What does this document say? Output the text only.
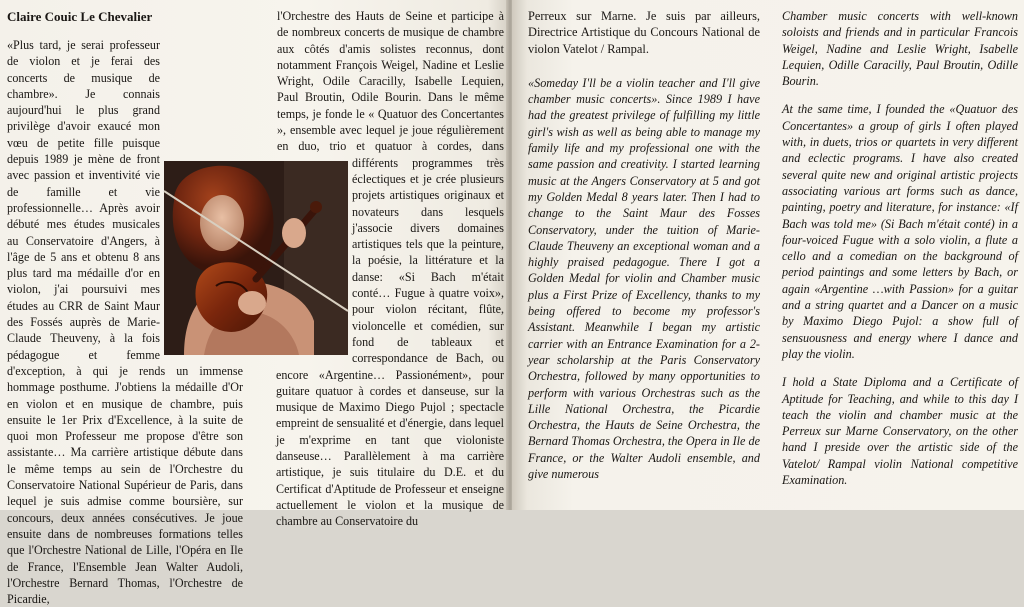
Claire Couic Le Chevalier

«Plus tard, je serai professeur de violon et je ferai des concerts de musique de chambre». Je connais aujourd'hui le plus grand privilège d'avoir exaucé mon vœu de petite fille puisque depuis 1989 je mène de front avec passion et inventivité vie de famille et vie professionnelle… Après avoir débuté mes études musicales au Conservatoire d'Angers, à l'âge de 5 ans et obtenu 8 ans plus tard ma médaille d'or en violon, j'ai poursuivi mes études au CRR de Saint Maur des Fossés auprès de Marie-Claude Theuveny, à la fois pédagogue et femme d'exception, à qui je rends un immense hommage posthume. J'obtiens la médaille d'Or en violon et en musique de chambre, puis ensuite le 1er Prix d'Excellence, à la suite de quoi mon Professeur me propose d'être son assistante… Ma carrière artistique débute dans le même temps au sein de l'Orchestre du Conservatoire National Supérieur de Paris, dans lequel je suis admise comme boursière, sur concours, deux années consécutives. Je joue ensuite dans de nombreuses formations telles que l'Orchestre National de Lille, l'Opéra en Ile de France, l'Ensemble Jean Walter Audoli, l'Orchestre Bernard Thomas, l'Orchestre de Picardie,

l'Orchestre des Hauts de Seine et participe à de nombreux concerts de musique de chambre aux côtés d'amis solistes reconnus, dont notamment François Weigel, Nadine et Leslie Wright, Odile Caracilly, Isabelle Lequien, Paul Broutin, Odile Bourin. Dans le même temps, je fonde le « Quatuor des Concertantes », ensemble avec lequel je joue régulièrement en duo, trio et quatuor à cordes, dans différents programmes très éclectiques et je crée plusieurs projets artistiques originaux et novateurs dans lesquels j'associe divers domaines artistiques tels que la peinture, la poésie, la littérature et la danse: «Si Bach m'était conté… Fugue à quatre voix», pour violon récitant, flûte, violoncelle et comédien, sur fond de tableaux et correspondance de Bach, ou encore «Argentine… Passionément», pour guitare quatuor à cordes et danseuse, sur la musique de Maximo Diego Pujol ; spectacle empreint de sensualité et d'énergie, dans lequel je m'exprime en tant que violoniste danseuse… Parallèlement à ma carrière artistique, je suis titulaire du D.E. et du Certificat d'Aptitude de Professeur et enseigne actuellement le violon et la musique de chambre au Conservatoire du

Perreux sur Marne. Je suis par ailleurs, Directrice Artistique du Concours National de violon Vatelot / Rampal.

«Someday I'll be a violin teacher and I'll give chamber music concerts». Since 1989 I have had the greatest privilege of fulfilling my little girl's wish as well as being able to manage my family life and my professional one with the same passion and creativity. I started learning music at the Angers Conservatory at 5 and got my Golden Medal 8 years later. Then I had to change to the Saint Maur des Fosses Conservatory, under the tuition of Marie-Claude Theuveny an exceptional woman and a highly praised pedagogue. There I got a Golden Medal for violin and Chamber music plus a First Prize of Excellency, thanks to my being offered to become my professor's Assistant. Meanwhile I began my artistic carrier with an Entrance Examination for a 2-year scholarship at the Paris Conservatory Orchestra, followed by many opportunities to perform with various Orchestras such as the Lille National Orchestra, the Picardie Orchestra, the Hauts de Seine Orchestra, the Bernard Thomas Orchestra, the Opera in Ile de France, or the Walter Audoli ensemble, and give numerous

Chamber music concerts with well-known soloists and friends and in particular Francois Weigel, Nadine and Leslie Wright, Isabelle Lequien, Odille Caracilly, Paul Broutin, Odille Bourin.

At the same time, I founded the «Quatuor des Concertantes» a group of girls I often played with, in duets, trios or quartets in very different and eclectic programs. I have also created several quite new and original artistic projects associating various art forms such as dance, painting, poetry and literature, for instance: «If Bach was told me» (Si Bach m'était conté) in a four-voiced Fugue with a solo violin, a flute a cello and a comedian on the background of period paintings and some letters by Bach, or again «Argentine …with Passion» for a guitar and a string quartet and a Dancer on a music by Maximo Diego Pujol: a show full of sensuousness and energy where I dance and play the violin.

I hold a State Diploma and a Certificate of Aptitude for Teaching, and while to this day I teach the violin and chamber music at the Perreux sur Marne Conservatory, on the other hand I preside over the artistic side of the Vatelot/ Rampal violin National competitive Examination.
